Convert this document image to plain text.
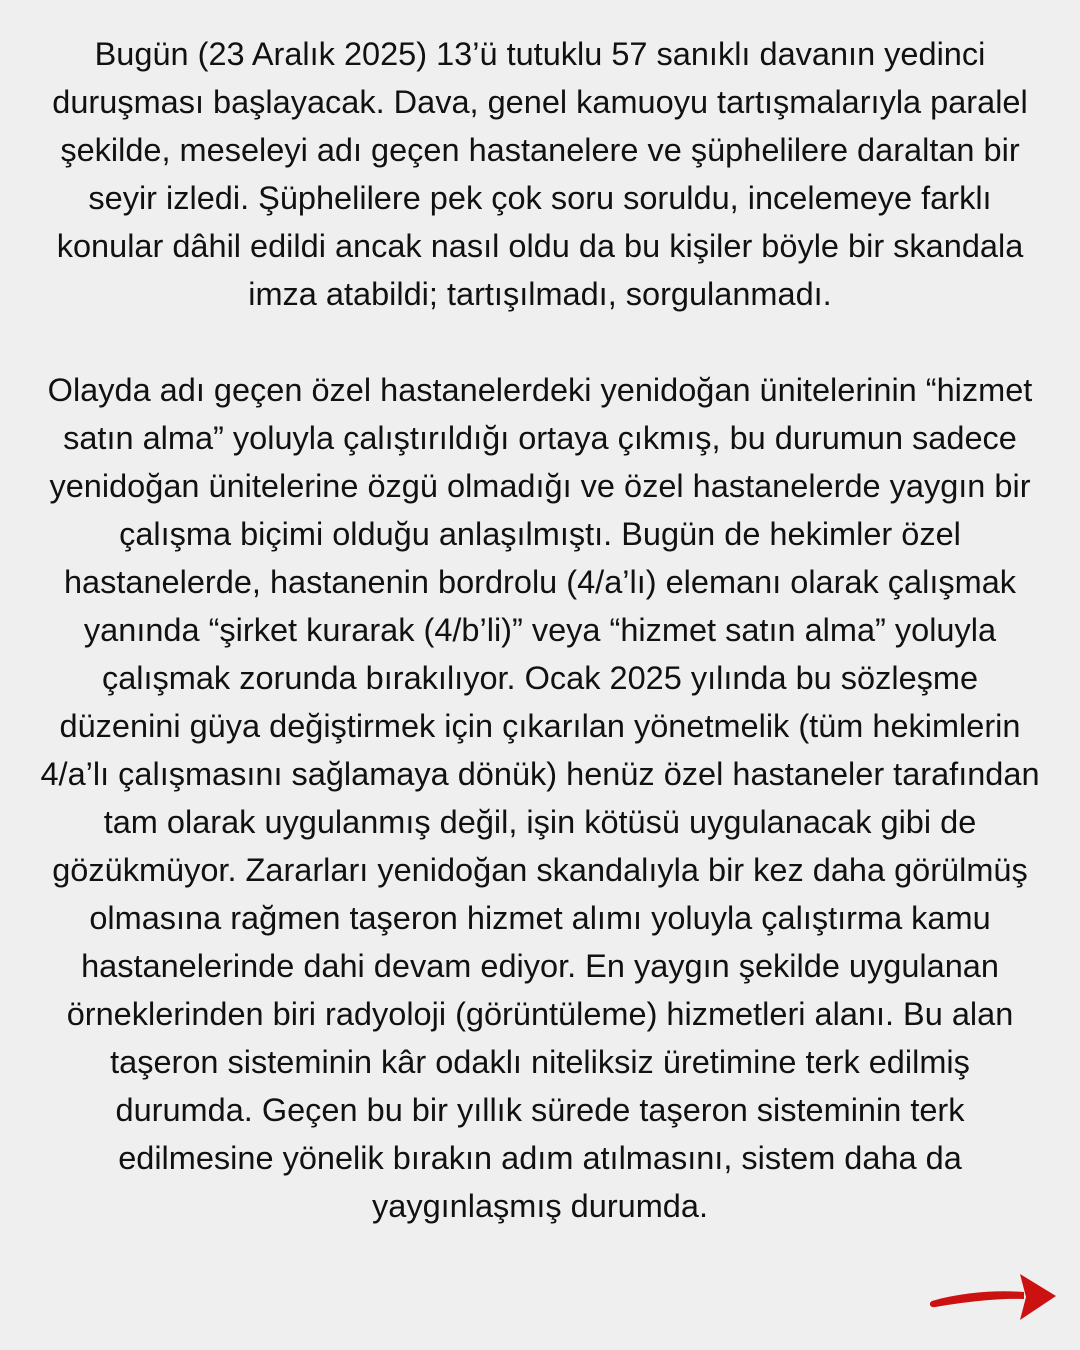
Bugün (23 Aralık 2025) 13’ü tutuklu 57 sanıklı davanın yedinci duruşması başlayacak. Dava, genel kamuoyu tartışmalarıyla paralel şekilde, meseleyi adı geçen hastanelere ve şüphelilere daraltan bir seyir izledi. Şüphelilere pek çok soru soruldu, incelemeye farklı konular dâhil edildi ancak nasıl oldu da bu kişiler böyle bir skandala imza atabildi; tartışılmadı, sorgulanmadı.

Olayda adı geçen özel hastanelerdeki yenidoğan ünitelerinin “hizmet satın alma” yoluyla çalıştırıldığı ortaya çıkmış, bu durumun sadece yenidoğan ünitelerine özgü olmadığı ve özel hastanelerde yaygın bir çalışma biçimi olduğu anlaşılmıştı. Bugün de hekimler özel hastanelerde, hastanenin bordrolu (4/a’lı) elemanı olarak çalışmak yanında “şirket kurarak (4/b’li)” veya “hizmet satın alma” yoluyla çalışmak zorunda bırakılıyor. Ocak 2025 yılında bu sözleşme düzenini güya değiştirmek için çıkarılan yönetmelik (tüm hekimlerin 4/a’lı çalışmasını sağlamaya dönük) henüz özel hastaneler tarafından tam olarak uygulanmış değil, işin kötüsü uygulanacak gibi de gözükmüyor. Zararları yenidoğan skandalıyla bir kez daha görülmüş olmasına rağmen taşeron hizmet alımı yoluyla çalıştırma kamu hastanelerinde dahi devam ediyor. En yaygın şekilde uygulanan örneklerinden biri radyoloji (görüntüleme) hizmetleri alanı. Bu alan taşeron sisteminin kâr odaklı niteliksiz üretimine terk edilmiş durumda. Geçen bu bir yıllık sürede taşeron sisteminin terk edilmesine yönelik bırakın adım atılmasını, sistem daha da yaygınlaşmış durumda.
